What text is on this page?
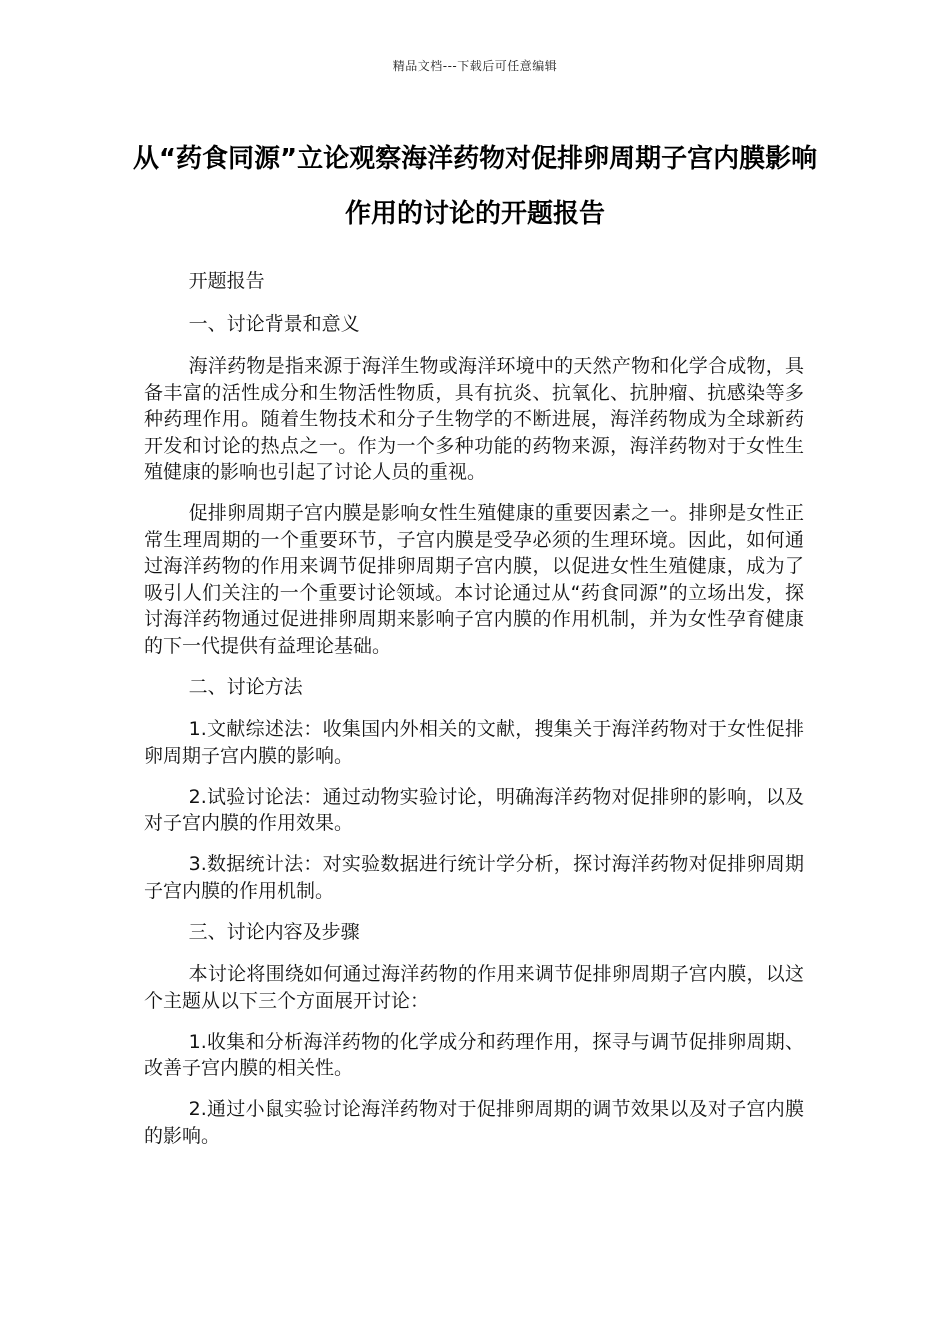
精品文档---下载后可任意编辑
从“药食同源”立论观察海洋药物对促排卵周期子宫内膜影响作用的讨论的开题报告

开题报告

一、讨论背景和意义

海洋药物是指来源于海洋生物或海洋环境中的天然产物和化学合成物，具备丰富的活性成分和生物活性物质，具有抗炎、抗氧化、抗肿瘤、抗感染等多种药理作用。随着生物技术和分子生物学的不断进展，海洋药物成为全球新药开发和讨论的热点之一。作为一个多种功能的药物来源，海洋药物对于女性生殖健康的影响也引起了讨论人员的重视。

促排卵周期子宫内膜是影响女性生殖健康的重要因素之一。排卵是女性正常生理周期的一个重要环节，子宫内膜是受孕必须的生理环境。因此，如何通过海洋药物的作用来调节促排卵周期子宫内膜，以促进女性生殖健康，成为了吸引人们关注的一个重要讨论领域。本讨论通过从“药食同源”的立场出发，探讨海洋药物通过促进排卵周期来影响子宫内膜的作用机制，并为女性孕育健康的下一代提供有益理论基础。

二、讨论方法

1.文献综述法：收集国内外相关的文献，搜集关于海洋药物对于女性促排卵周期子宫内膜的影响。

2.试验讨论法：通过动物实验讨论，明确海洋药物对促排卵的影响，以及对子宫内膜的作用效果。

3.数据统计法：对实验数据进行统计学分析，探讨海洋药物对促排卵周期子宫内膜的作用机制。

三、讨论内容及步骤

本讨论将围绕如何通过海洋药物的作用来调节促排卵周期子宫内膜，以这个主题从以下三个方面展开讨论：

1.收集和分析海洋药物的化学成分和药理作用，探寻与调节促排卵周期、改善子宫内膜的相关性。

2.通过小鼠实验讨论海洋药物对于促排卵周期的调节效果以及对子宫内膜的影响。
